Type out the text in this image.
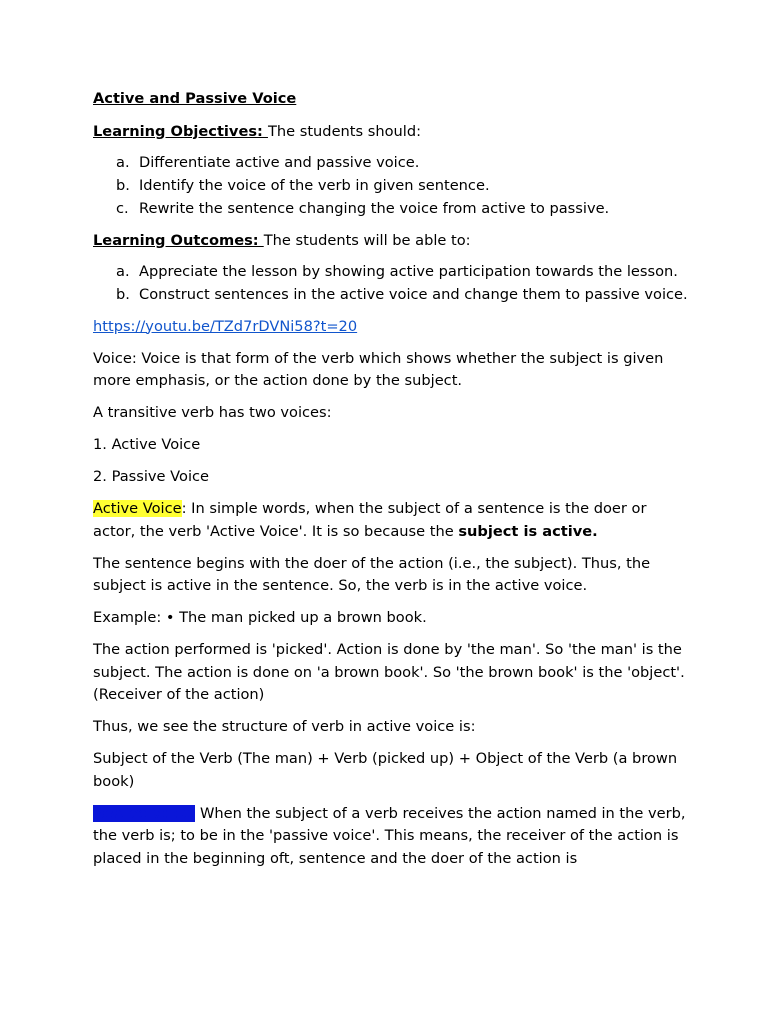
Active and Passive Voice

Learning Objectives: The students should:

a. Differentiate active and passive voice.
b. Identify the voice of the verb in given sentence.
c. Rewrite the sentence changing the voice from active to passive.

Learning Outcomes: The students will be able to:

a. Appreciate the lesson by showing active participation towards the lesson.
b. Construct sentences in the active voice and change them to passive voice.

https://youtu.be/TZd7rDVNi58?t=20

Voice: Voice is that form of the verb which shows whether the subject is given more emphasis, or the action done by the subject.

A transitive verb has two voices:

1. Active Voice

2. Passive Voice

Active Voice: In simple words, when the subject of a sentence is the doer or actor, the verb 'Active Voice'. It is so because the subject is active.

The sentence begins with the doer of the action (i.e., the subject). Thus, the subject is active in the sentence. So, the verb is in the active voice.

Example: • The man picked up a brown book.

The action performed is 'picked'. Action is done by 'the man'. So 'the man' is the subject. The action is done on 'a brown book'. So 'the brown book' is the 'object'. (Receiver of the action)

Thus, we see the structure of verb in active voice is:

Subject of the Verb (The man) + Verb (picked up) + Object of the Verb (a brown book)

Passive Voice: When the subject of a verb receives the action named in the verb, the verb is; to be in the 'passive voice'. This means, the receiver of the action is placed in the beginning oft, sentence and the doer of the action is
